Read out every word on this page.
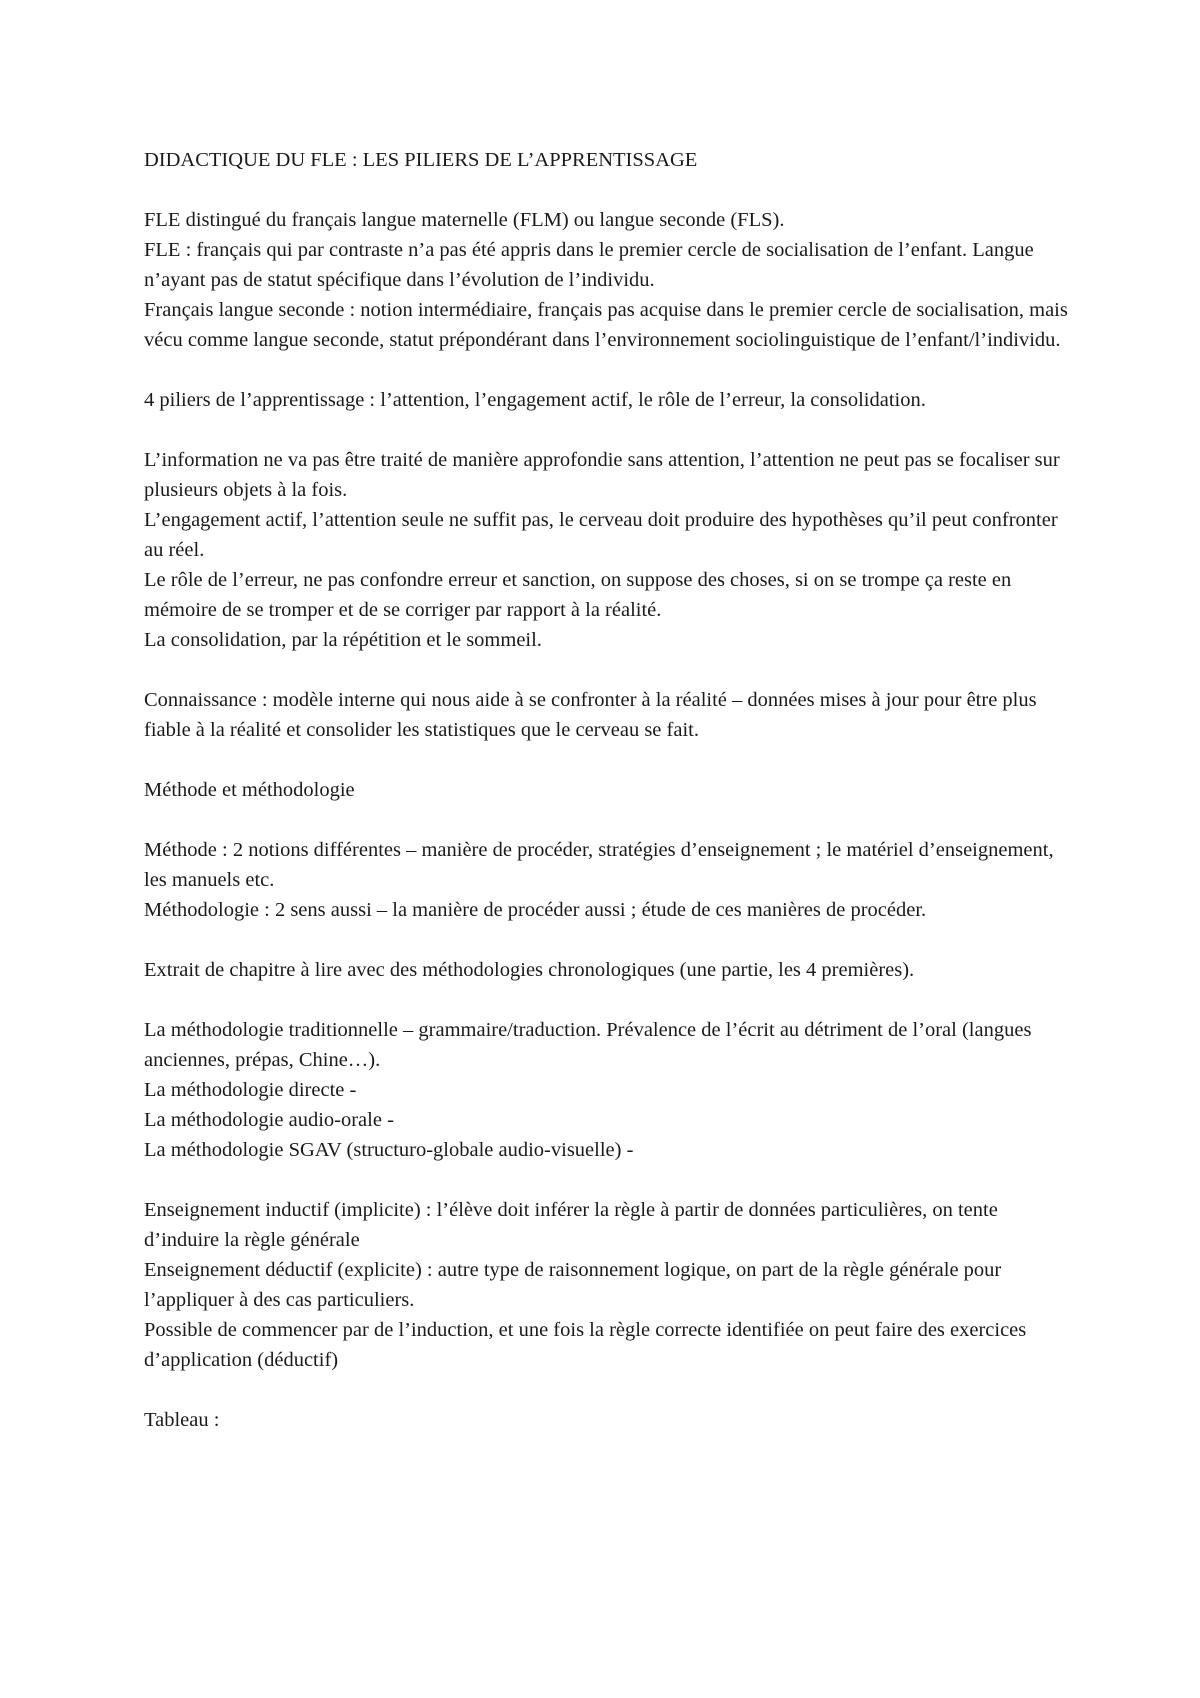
DIDACTIQUE DU FLE : LES PILIERS DE L’APPRENTISSAGE

FLE distingué du français langue maternelle (FLM) ou langue seconde (FLS).

FLE : français qui par contraste n’a pas été appris dans le premier cercle de socialisation de l’enfant. Langue n’ayant pas de statut spécifique dans l’évolution de l’individu.

Français langue seconde : notion intermédiaire, français pas acquise dans le premier cercle de socialisation, mais vécu comme langue seconde, statut prépondérant dans l’environnement sociolinguistique de l’enfant/l’individu.

4 piliers de l’apprentissage : l’attention, l’engagement actif, le rôle de l’erreur, la consolidation.

L’information ne va pas être traité de manière approfondie sans attention, l’attention ne peut pas se focaliser sur plusieurs objets à la fois.

L’engagement actif, l’attention seule ne suffit pas, le cerveau doit produire des hypothèses qu’il peut confronter au réel.

Le rôle de l’erreur, ne pas confondre erreur et sanction, on suppose des choses, si on se trompe ça reste en mémoire de se tromper et de se corriger par rapport à la réalité.

La consolidation, par la répétition et le sommeil.

Connaissance : modèle interne qui nous aide à se confronter à la réalité – données mises à jour pour être plus fiable à la réalité et consolider les statistiques que le cerveau se fait.

Méthode et méthodologie

Méthode : 2 notions différentes – manière de procéder, stratégies d’enseignement ; le matériel d’enseignement, les manuels etc.

Méthodologie : 2 sens aussi – la manière de procéder aussi ; étude de ces manières de procéder.

Extrait de chapitre à lire avec des méthodologies chronologiques (une partie, les 4 premières).

La méthodologie traditionnelle – grammaire/traduction. Prévalence de l’écrit au détriment de l’oral (langues anciennes, prépas, Chine…).

La méthodologie directe -

La méthodologie audio-orale -

La méthodologie SGAV (structuro-globale audio-visuelle) -

Enseignement inductif (implicite) : l’élève doit inférer la règle à partir de données particulières, on tente d’induire la règle générale

Enseignement déductif (explicite) : autre type de raisonnement logique, on part de la règle générale pour l’appliquer à des cas particuliers.

Possible de commencer par de l’induction, et une fois la règle correcte identifiée on peut faire des exercices d’application (déductif)

Tableau :
